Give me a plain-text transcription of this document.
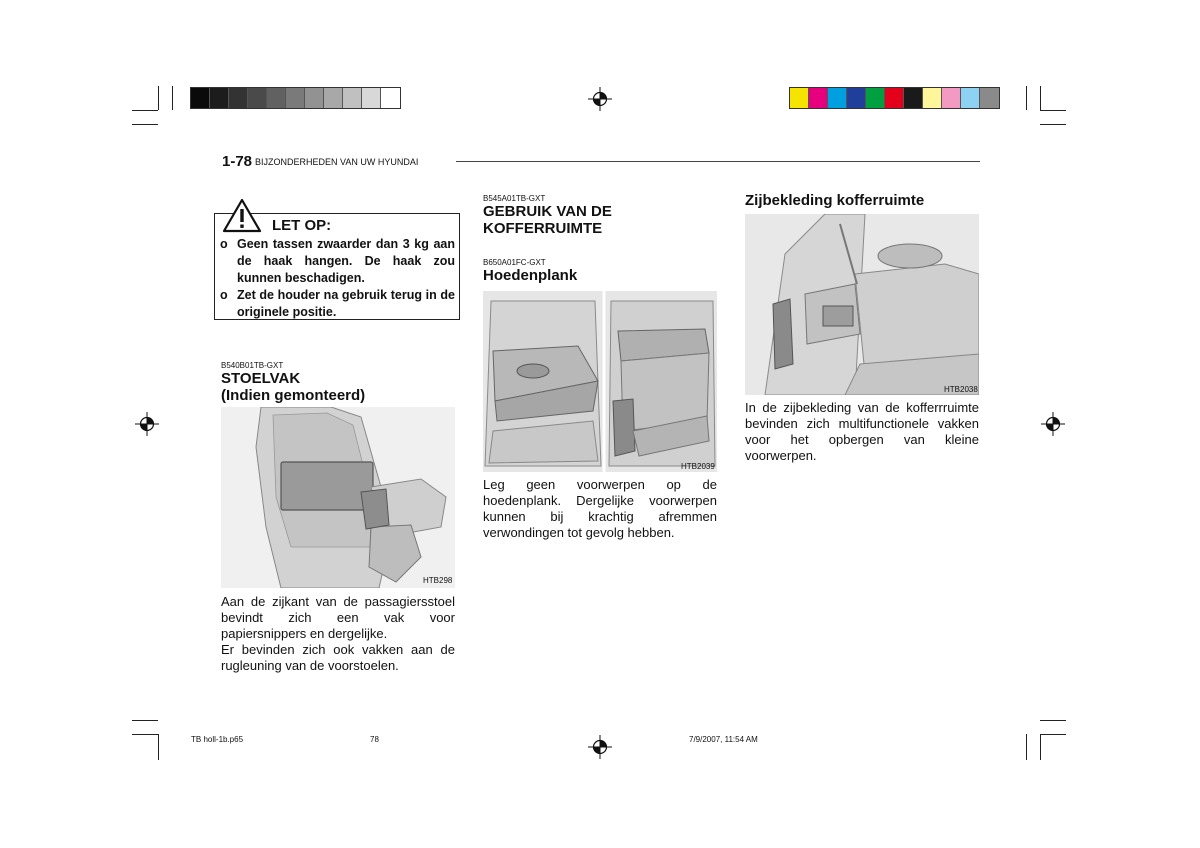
1-78 BIJZONDERHEDEN VAN UW HYUNDAI
LET OP:
o Geen tassen zwaarder dan 3 kg aan de haak hangen. De haak zou kunnen beschadigen.
o Zet de houder na gebruik terug in de originele positie.
B540B01TB-GXT
STOELVAK
(Indien gemonteerd)
HTB298

Aan de zijkant van de passagiersstoel bevindt zich een vak voor papiersnippers en dergelijke.

Er bevinden zich ook vakken aan de rugleuning van de voorstoelen.

B545A01TB-GXT
GEBRUIK VAN DE
KOFFERRUIMTE
B650A01FC-GXT
Hoedenplank
HTB2039

Leg geen voorwerpen op de hoedenplank. Dergelijke voorwerpen kunnen bij krachtig afremmen verwondingen tot gevolg hebben.

Zijbekleding kofferruimte
HTB2038

In de zijbekleding van de kofferrruimte bevinden zich multifunctionele vakken voor het opbergen van kleine voorwerpen.

TB holl-1b.p65	78	7/9/2007, 11:54 AM
